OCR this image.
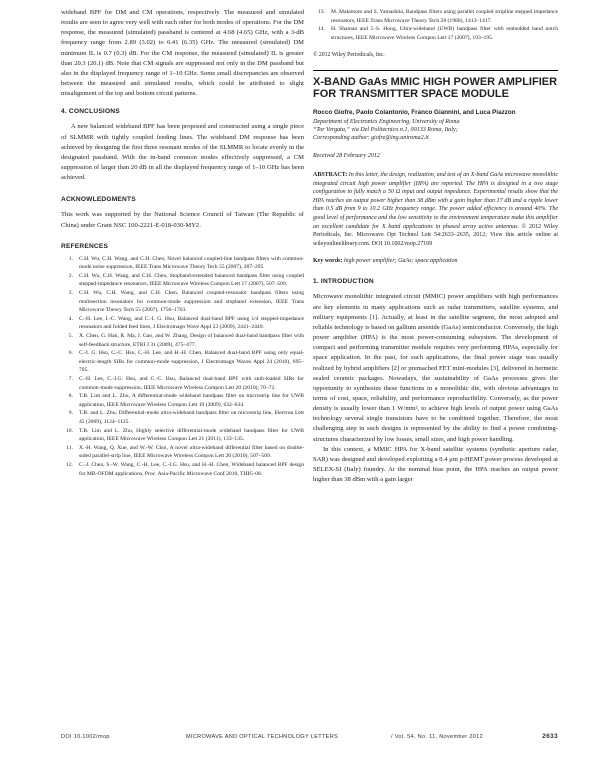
wideband BPF for DM and CM operations, respectively. The measured and simulated results are seen to agree very well with each other for both modes of operations. For the DM response, the measured (simulated) passband is centered at 4.68 (4.65) GHz, with a 3-dB frequency range from 2.89 (3.02) to 6.41 (6.35) GHz. The measured (simulated) DM minimum IL is 0.7 (0.3) dB. For the CM response, the measured (simulated) IL is greater than 20.3 (20.1) dB. Note that CM signals are suppressed not only in the DM passband but also in the displayed frequency range of 1–10 GHz. Some small discrepancies are observed between the measured and simulated results, which could be attributed to slight misalignment of the top and bottom circuit patterns.

4. CONCLUSIONS

A new balanced wideband BPF has been proposed and constructed using a single piece of SLMMR with tightly coupled feeding lines. The wideband DM response has been achieved by designing the first three resonant modes of the SLMMR to locate evenly in the designated passband. With the in-band common modes effectively suppressed, a CM suppression of larger than 20 dB in all the displayed frequency range of 1–10 GHz has been achieved.

ACKNOWLEDGMENTS

This work was supported by the National Science Council of Taiwan (The Republic of China) under Grant NSC 100-2221-E-018-030-MY2.

REFERENCES
1. C.H. Wu, C.H. Wang, and C.H. Chen, Novel balanced coupled-line bandpass filters with common-mode noise suppression, IEEE Trans Microwave Theory Tech 55 (2007), 287–295.
2. C.H. Wu, C.H. Wang, and C.H. Chen, Stopband-extended balanced bandpass filter using coupled stepped-impedance resonators, IEEE Microwave Wireless Compon Lett 17 (2007), 507–509.
3. C.H. Wu, C.H. Wang, and C.H. Chen, Balanced coupled-resonator bandpass filters using multisection resonators for common-mode suppression and stopband extension, IEEE Trans Microwave Theory Tech 55 (2007), 1756–1763.
4. C.-H. Lee, I.-C. Wang, and C.-I. G. Hsu, Balanced dual-band BPF using λ/4 stepped-impedance resonators and folded feed lines, J Electromagn Wave Appl 23 (2009), 2441–2449.
5. X. Chen, G. Han, R. Ma, J. Gao, and W. Zhang, Design of balanced dual-band bandpass filter with self-feedback structure, ETRI J 31 (2009), 475–477.
6. C.-I. G. Hsu, C.-C. Hsu, C.-H. Lee, and H.-H. Chen, Balanced dual-band BPF using only equal-electric-length SIRs for common-mode suppression, J Electromagn Waves Appl 24 (2010), 695–705.
7. C.-H. Lee, C.-I.G. Hsu, and C.-C. Hsu, Balanced dual-band BPF with stub-loaded SIRs for common-mode suppression, IEEE Microwave Wireless Compon Lett 20 (2010), 70–72.
8. T.B. Lim and L. Zhu, A differential-mode wideband bandpass filter on microstrip line for UWB application, IEEE Microwave Wireless Compon Lett 19 (2009), 632–634.
9. T.B. and L. Zhu, Differential-mode ultra-wideband bandpass filter on microstrip line, Electron Lett 45 (2009), 1124–1125.
10. T.B. Lim and L. Zhu, Highly selective differential-mode wideband bandpass filter for UWB application, IEEE Microwave Wireless Compon Lett 21 (2011), 133–135.
11. X.-H. Wang, Q. Xue, and W.-W. Choi, A novel ultra-wideband differential filter based on double-sided parallel-strip line, IEEE Microwave Wireless Compon Lett 20 (2010), 507–509.
12. C.-J. Chen, S.-W. Wang, C.-H. Lee, C.-I.G. Hsu, and H.-H. Chen, Wideband balanced BPF design for MB-OFDM applications, Proc. Asia-Pacific Microwave Conf 2010, THIG-08.
13. M. Makimoto and S. Yamashita, Bandpass filters using parallel coupled stripline stepped impedance resonators, IEEE Trans Microwave Theory Tech 28 (1980), 1413–1417.
14. H. Shaman and J.-S. Hong, Ultra-wideband (UWB) bandpass filter with embedded band notch structures, IEEE Microwave Wireless Compon Lett 17 (2007), 193–195.

© 2012 Wiley Periodicals, Inc.

X-BAND GaAs MMIC HIGH POWER AMPLIFIER FOR TRANSMITTER SPACE MODULE
Rocco Giofre, Paolo Colantonio, Franco Giannini, and Luca Piazzon
Department of Electronics Engineering, University of Roma
“Tor Vergata,” via Del Politecnico n.1, 00133 Roma, Italy;
Corresponding author: giofre@ing.uniroma2.it
Received 28 February 2012

ABSTRACT: In this letter, the design, realization, and test of an X-band GaAs microwave monolithic integrated circuit high power amplifier (HPA) are reported. The HPA is designed in a two stage configuration to fully match a 50 Ω input and output impedance. Experimental results show that the HPA reaches an output power higher than 38 dBm with a gain higher than 17 dB and a ripple lower than 0.5 dB from 9 to 10.2 GHz frequency range. The power added efficiency is around 40%. The good level of performance and the low sensitivity to the environment temperature make this amplifier an excellent candidate for X band applications in phased array active antennas. © 2012 Wiley Periodicals, Inc. Microwave Opt Technol Lett 54:2633–2635, 2012; View this article online at wileyonlinelibrary.com. DOI 10.1002/mop.27109

Key words: high power amplifier; GaAs; space application

1. INTRODUCTION

Microwave monolithic integrated circuit (MMIC) power amplifiers with high performances are key elements in many applications such as radar transmitters, satellite systems, and military equipments [1]. Actually, at least in the satellite segment, the most adopted and reliable technology is based on gallium arsenide (GaAs) semiconductor. Conversely, the high power amplifier (HPA) is the most power-consuming subsystem. The development of compact and performing transmitter module requires very performing HPAs, especially for space application. In the past, for such applications, the final power stage was usually realized by hybrid amplifiers [2] or premached FET mini-modules [3], delivered in hermetic sealed ceramic packages. Nowadays, the sustainability of GaAs processes gives the opportunity to synthesize these functions in a monolithic die, with obvious advantages in terms of cost, space, reliability, and performance reproducibility. Conversely, as the power density is usually lower than 1 W/mm², to achieve high levels of output power using GaAs technology several single transistors have to be combined together. Therefore, the most challenging step in such designs is represented by the ability to find a power combining-structures characterized by low losses, small sizes, and high power handling.

In this context, a MMIC HPA for X-band satellite systems (synthetic aperture radar, SAR) was designed and developed exploiting a 0.4 μm p-HEMT power process developed at SELEX-SI (Italy) foundry. At the nominal bias point, the HPA reaches an output power higher than 38 dBm with a gain larger

DOI 10.1002/mop	MICROWAVE AND OPTICAL TECHNOLOGY LETTERS	/ Vol. 54, No. 11, November 2012	2633
